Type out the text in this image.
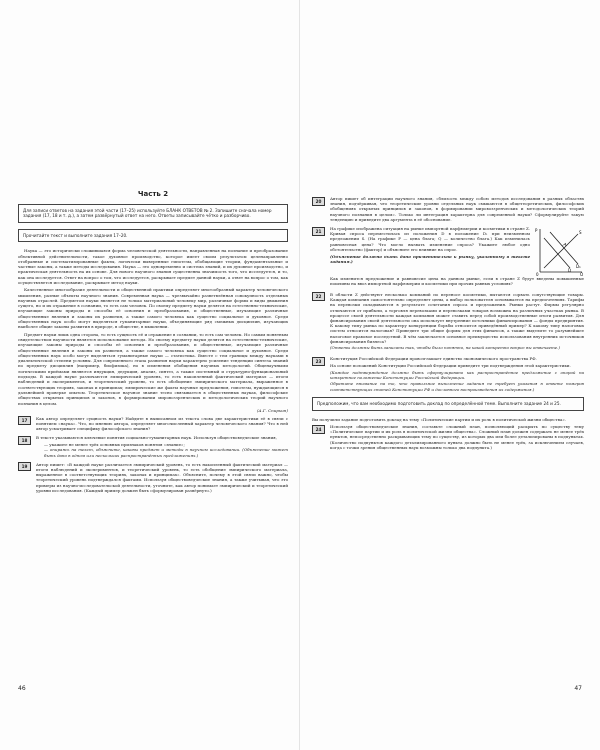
Часть 2
Для записи ответов на задания этой части (17–25) используйте БЛАНК ОТВЕТОВ № 2. Запишите сначала номер задания (17, 18 и т. д.), а затем развёрнутый ответ на него. Ответы записывайте чётко и разборчиво.
Прочитайте текст и выполните задания 17–20.

Наука — это исторически сложившаяся форма человеческой деятельности, направленная на познание и преобразование объективной действительности, такое духовное производство, которое имеет своим результатом целенаправленно отобранные и систематизированные факты, логически выверенные гипотезы, обобщающие теории, фундаментальные и частные законы, а также методы исследования. Наука — это одновременно и система знаний, и их духовное производство, и практическая деятельность на их основе. Для нового научного знания существенна значимость того, что исследуется, и то, как она исследуется. Ответ на вопрос о том, что исследуется, раскрывает предмет данной науки, а ответ на вопрос о том, как осуществляется исследование, раскрывает метод науки.

Качественное многообразие деятельности и общественной практики определяет многообразный характер человеческого мышления, разные объекты научного знания. Современная наука — чрезвычайно разветвлённая совокупность отдельных научных отраслей. Предметом науки является не только материальный человеку мир, различные формы и виды движения сущего, но и их отражение в сознании, то есть сам человек. По своему предмету науки делятся на естественно-технические, изучающие законы природы и способы её освоения и преобразования, и общественные, изучающие различные общественные явления и законы их развития, а также самого человека как существо социальное и духовное. Среди общественных наук особо могут выделяться гуманитарные науки, объединяющие ряд смежных дисциплин, изучающих наиболее общие законы развития в природе, в обществе, в мышлении.

Предмет науки лишь одна сторона, то есть сущность её и отражение в сознании, то есть сам человек. Но самым понятным свидетельством научности является использование метода. Но своему предмету науки делятся на естественно-технические, изучающие законы природы и способы её освоения и преобразования, и общественные, изучающие различные общественные явления и законы их развития, а также самого человека как существо социальное и духовное. Среди общественных наук особо могут выделяться гуманитарные науки — статистика. Вместе с тем границы между науками в диалектической степени условны. Для современного этапа развития науки характерно усиление тенденции синтеза знаний по предмету дисциплин (например, биофизика), но в изменения обобщения научных методологий. Общенаучными логическими приёмами являются индукция, дедукция, анализ, синтез, а также системный и структурно-функциональный подходы. В каждой науке различаются эмпирический уровень, то есть накопленный фактический материал — итоги наблюдений и экспериментов, и теоретический уровень, то есть обобщение эмпирического материала, выраженное в соответствующих теориях, законах и принципах; эмпирические же факты научные предложения, гипотезы, нуждающиеся в дальнейшей проверке опытом. Теоретическое научное знание тесно связывается в общественных науках, философские обществах открытых принципов и законов, в формировании мировоззренческих и методологических теорий научного познания в целом.

(А.Г. Спиркин)
17	Как автор определяет сущность науки? Найдите в выписанном из текста слова две характеристики её в связи с понятием «наука». Что, по мнению автора, определяет многочисленный характер человеческого знания? Что в ней автор усматривает специфику философского знания?
18	В тексте указываются ключевые понятия социально-гуманитарных наук. Используя обществоведческие знания,

— укажите не менее трёх основных признаков понятия «знание»;
— опираясь на текст, объясните, каковы предмет и методы в научном исследовании. (Объяснение может быть дано в одном или нескольких распространённых предложениях.)
19	Автор пишет: «В каждой науке различается эмпирический уровень, то есть накопленный фактический материал — итоги наблюдений и экспериментов, и теоретический уровень, то есть обобщение эмпирического материала, выраженное в соответствующих теориях, законах и принципах». Объясните, почему в этой связи важно, чтобы теоретический уровень подтверждался фактами. Используя обществоведческие знания, а также учитывая, что это примеры из научно-исследовательской деятельности, уточните, как автор понимает эмпирический и теоретический уровни исследования. (Каждый пример должен быть сформулирован развёрнуто.)
46
20	Автор пишет об интеграции научного знания, «близость между собою методов исследования в разных областях знания, подчёркивая, что теоретические уровни отдельных наук смыкаются в общетеоретических, философских обобщениях открытых принципов и законов, в формировании мировоззренческих и методологических теорий научного познания в целом». Только ли интеграция характерна для современной науки? Сформулируйте такую тенденцию и приведите два аргумента в её обоснование.
21	На графике изображена ситуация на рынке импортной парфюмерии и косметики в стране Z. Кривая спроса переместилась из положения D в положение D₁ при неизменном предложении S. (На графике P — цена блага; Q — количество блага.) Как изменилась равновесная цена? Что могло вызвать изменение спроса? Укажите любое одно обстоятельство (фактор) и объясните его влияние на спрос.

(Объяснение должно быть дано применительно к рынку, указанному в тексте задания.)

P
Q
S
D
D₁
0

Как изменится предложение и равновесие цена на данном рынке, если в стране Z будут введены повышенные пошлины на ввоз импортной парфюмерии и косметики при прочих равных условиях?

22	В области Z действуют несколько компаний по переносе косметики, пытаются сорвать сопутствующие товары. Каждая компания самостоятельно определяет цены, а выбор пользователя основывается на предпочтениях. Тарифы на перевозки складываются в результате сочетания спроса и предложения. Рынки растут. Фирмы регулярно отличаются от прибыли, а торговля перевозками и перевозками товаров возможна на различных участках рынка. В процессе своей деятельности каждая компания может ставить перед собой производственные итоги развития. Для финансирования своей деятельности она использует внутренние источники финансирования — фонды предприятия. К какому типу рынка по характеру конкуренции борьбы относится приведённый пример? К какому типу налоговых систем относится налоговая? Приведите три общие формы для этих финансов, а также выделите то разумнейшее налоговое правовое последствий. В чём заключается основное преимущество использования внутренних источников финансирования бизнеса?

(Ответы должны быть записаны так, чтобы было понятно, на какой конкретно вопрос вы отвечаете.)

23	Конституция Российской Федерации провозглашает единство экономического пространства РФ.

На основе положений Конституции Российской Федерации приведите три подтверждения этой характеристики.

(Каждое подтверждение должно быть сформулировано как распространённое предложение с опорой на конкретное положение Конституции Российской Федерации.

Обратите внимание на то, что правильное выполнение задания не требует указания в ответе номеров соответствующих статей Конституции РФ и дословного воспроизведения их содержания.)

Предположим, что вам необходимо подготовить доклад по определённой теме. Выполните задание 24 и 25.

Вы получили задание подготовить доклад на тему «Политические партии и их роль в политической жизни общества».

24	Используя обществоведческие знания, составьте сложный план, позволяющий раскрыть по существу тему «Политические партии и их роль в политической жизни общества». Сложный план должен содержать не менее трёх пунктов, непосредственно раскрывающих тему по существу, из которых два или более детализированы в подпунктах. (Количество подпунктов каждого детализированного пункта должно быть не менее трёх, за исключением случаев, когда с точки зрения общественных наук возможны только два подпункта.)
47
